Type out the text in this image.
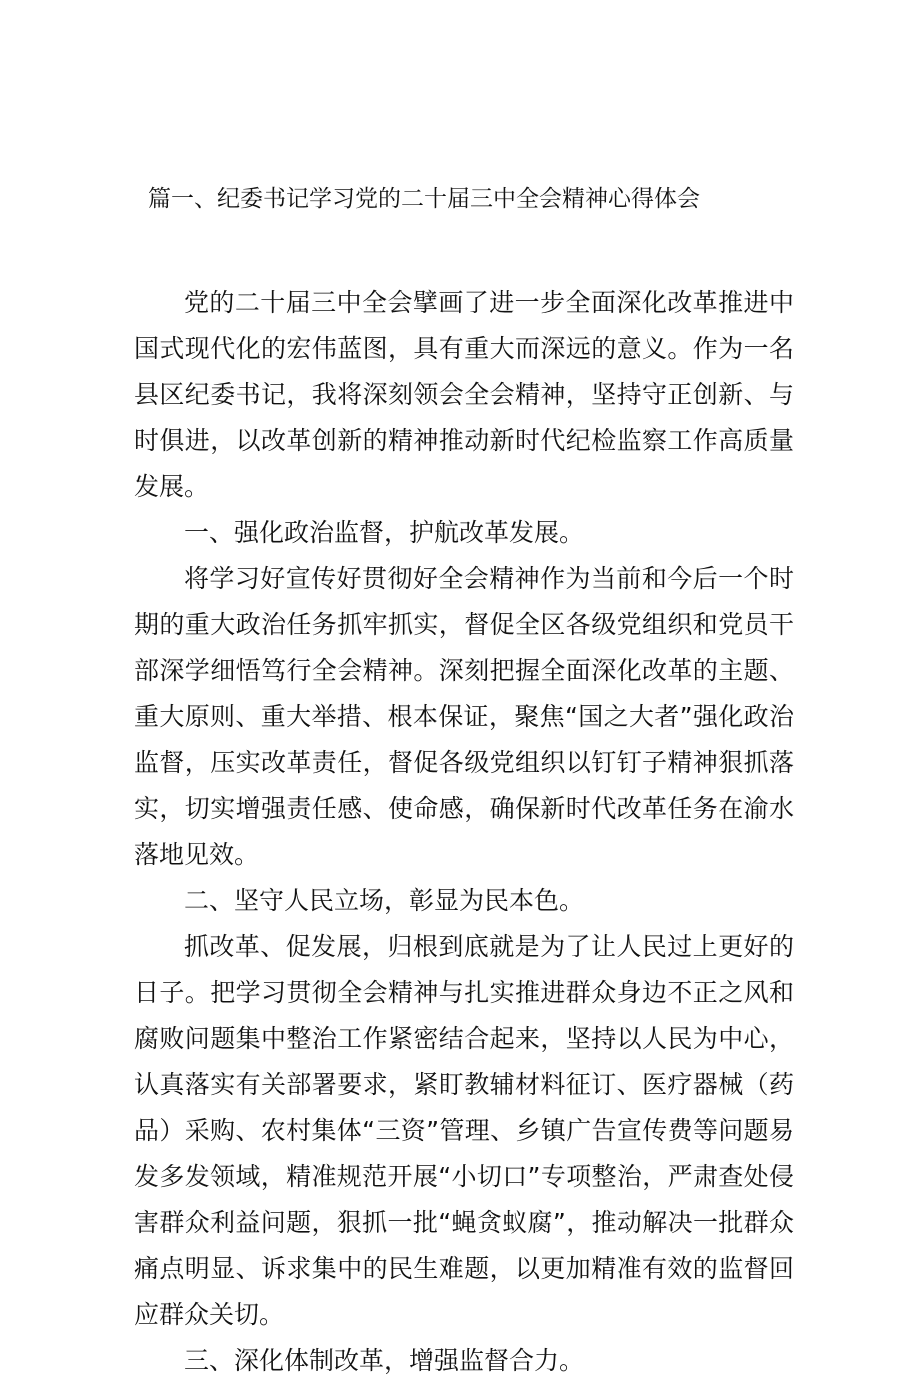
篇一、纪委书记学习党的二十届三中全会精神心得体会

党的二十届三中全会擘画了进一步全面深化改革推进中国式现代化的宏伟蓝图，具有重大而深远的意义。作为一名县区纪委书记，我将深刻领会全会精神，坚持守正创新、与时俱进，以改革创新的精神推动新时代纪检监察工作高质量发展。

一、强化政治监督，护航改革发展。

将学习好宣传好贯彻好全会精神作为当前和今后一个时期的重大政治任务抓牢抓实，督促全区各级党组织和党员干部深学细悟笃行全会精神。深刻把握全面深化改革的主题、重大原则、重大举措、根本保证，聚焦“国之大者”强化政治监督，压实改革责任，督促各级党组织以钉钉子精神狠抓落实，切实增强责任感、使命感，确保新时代改革任务在渝水落地见效。

二、坚守人民立场，彰显为民本色。

抓改革、促发展，归根到底就是为了让人民过上更好的日子。把学习贯彻全会精神与扎实推进群众身边不正之风和腐败问题集中整治工作紧密结合起来，坚持以人民为中心，认真落实有关部署要求，紧盯教辅材料征订、医疗器械（药品）采购、农村集体“三资”管理、乡镇广告宣传费等问题易发多发领域，精准规范开展“小切口”专项整治，严肃查处侵害群众利益问题，狠抓一批“蝇贪蚁腐”，推动解决一批群众痛点明显、诉求集中的民生难题，以更加精准有效的监督回应群众关切。

三、深化体制改革，增强监督合力。
